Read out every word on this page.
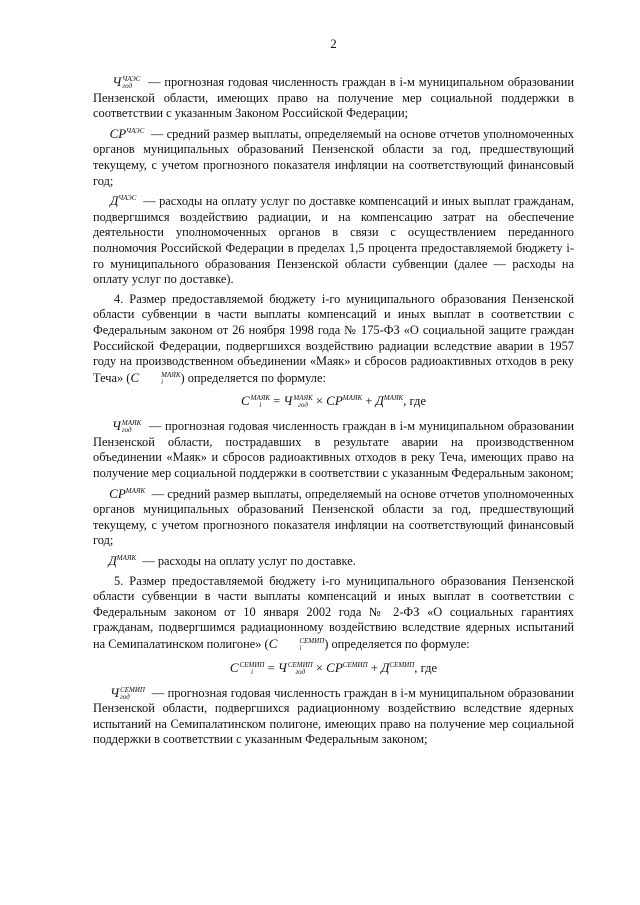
2

Ч ЧАЭС
год	— прогнозная годовая численность граждан в i-м муниципальном образовании Пензенской области, имеющих право на получение мер социальной поддержки в соответствии с указанным Законом Российской Федерации;

$СР^{ЧАЭС}$ — средний размер выплаты, определяемый на основе отчетов уполномоченных органов муниципальных образований Пензенской области за год, предшествующий текущему, с учетом прогнозного показателя инфляции на соответствующий финансовый год;

$Д^{ЧАЭС}$ — расходы на оплату услуг по доставке компенсаций и иных выплат гражданам, подвергшимся воздействию радиации, и на компенсацию затрат на обеспечение деятельности уполномоченных органов в связи с осуществлением переданного полномочия Российской Федерации в пределах 1,5 процента предоставляемой бюджету i-го муниципального образования Пензенской области субвенции (далее — расходы на оплату услуг по доставке).

4. Размер предоставляемой бюджету i-го муниципального образования Пензенской области субвенции в части выплаты компенсаций и иных выплат в соответствии с Федеральным законом от 26 ноября 1998 года № 175-ФЗ «О социальной защите граждан Российской Федерации, подвергшихся воздействию радиации вследствие аварии в 1957 году на производственном объединении «Маяк» и сбросов радиоактивных отходов в реку Теча» (С	МАЯК
i	) определяется по формуле:

С МАЯК
i = Ч МАЯК
год × $СР^{МАЯК} + Д^{МАЯК}$, где

Ч МАЯК
год	— прогнозная годовая численность граждан в i-м муниципальном образовании Пензенской области, пострадавших в результате аварии на производственном объединении «Маяк» и сбросов радиоактивных отходов в реку Теча, имеющих право на получение мер социальной поддержки в соответствии с указанным Федеральным законом;

$СР^{МАЯК}$ — средний размер выплаты, определяемый на основе отчетов уполномоченных органов муниципальных образований Пензенской области за год, предшествующий текущему, с учетом прогнозного показателя инфляции на соответствующий финансовый год;

$Д^{МАЯК}$ — расходы на оплату услуг по доставке.

5. Размер предоставляемой бюджету i-го муниципального образования Пензенской области субвенции в части выплаты компенсаций и иных выплат в соответствии с Федеральным законом от 10 января 2002 года № 2-ФЗ «О социальных гарантиях гражданам, подвергшимся радиационному воздействию вследствие ядерных испытаний на Семипалатинском полигоне» (С	СЕМИП
i	) определяется по формуле:

С СЕМИП
i	= Ч СЕМИП
год × $СР^{СЕМИП} + Д^{СЕМИП}$, где

Ч СЕМИП
год	— прогнозная годовая численность граждан в i-м муниципальном образовании Пензенской области, подвергшихся радиационному воздействию вследствие ядерных испытаний на Семипалатинском полигоне, имеющих право на получение мер социальной поддержки в соответствии с указанным Федеральным законом;
